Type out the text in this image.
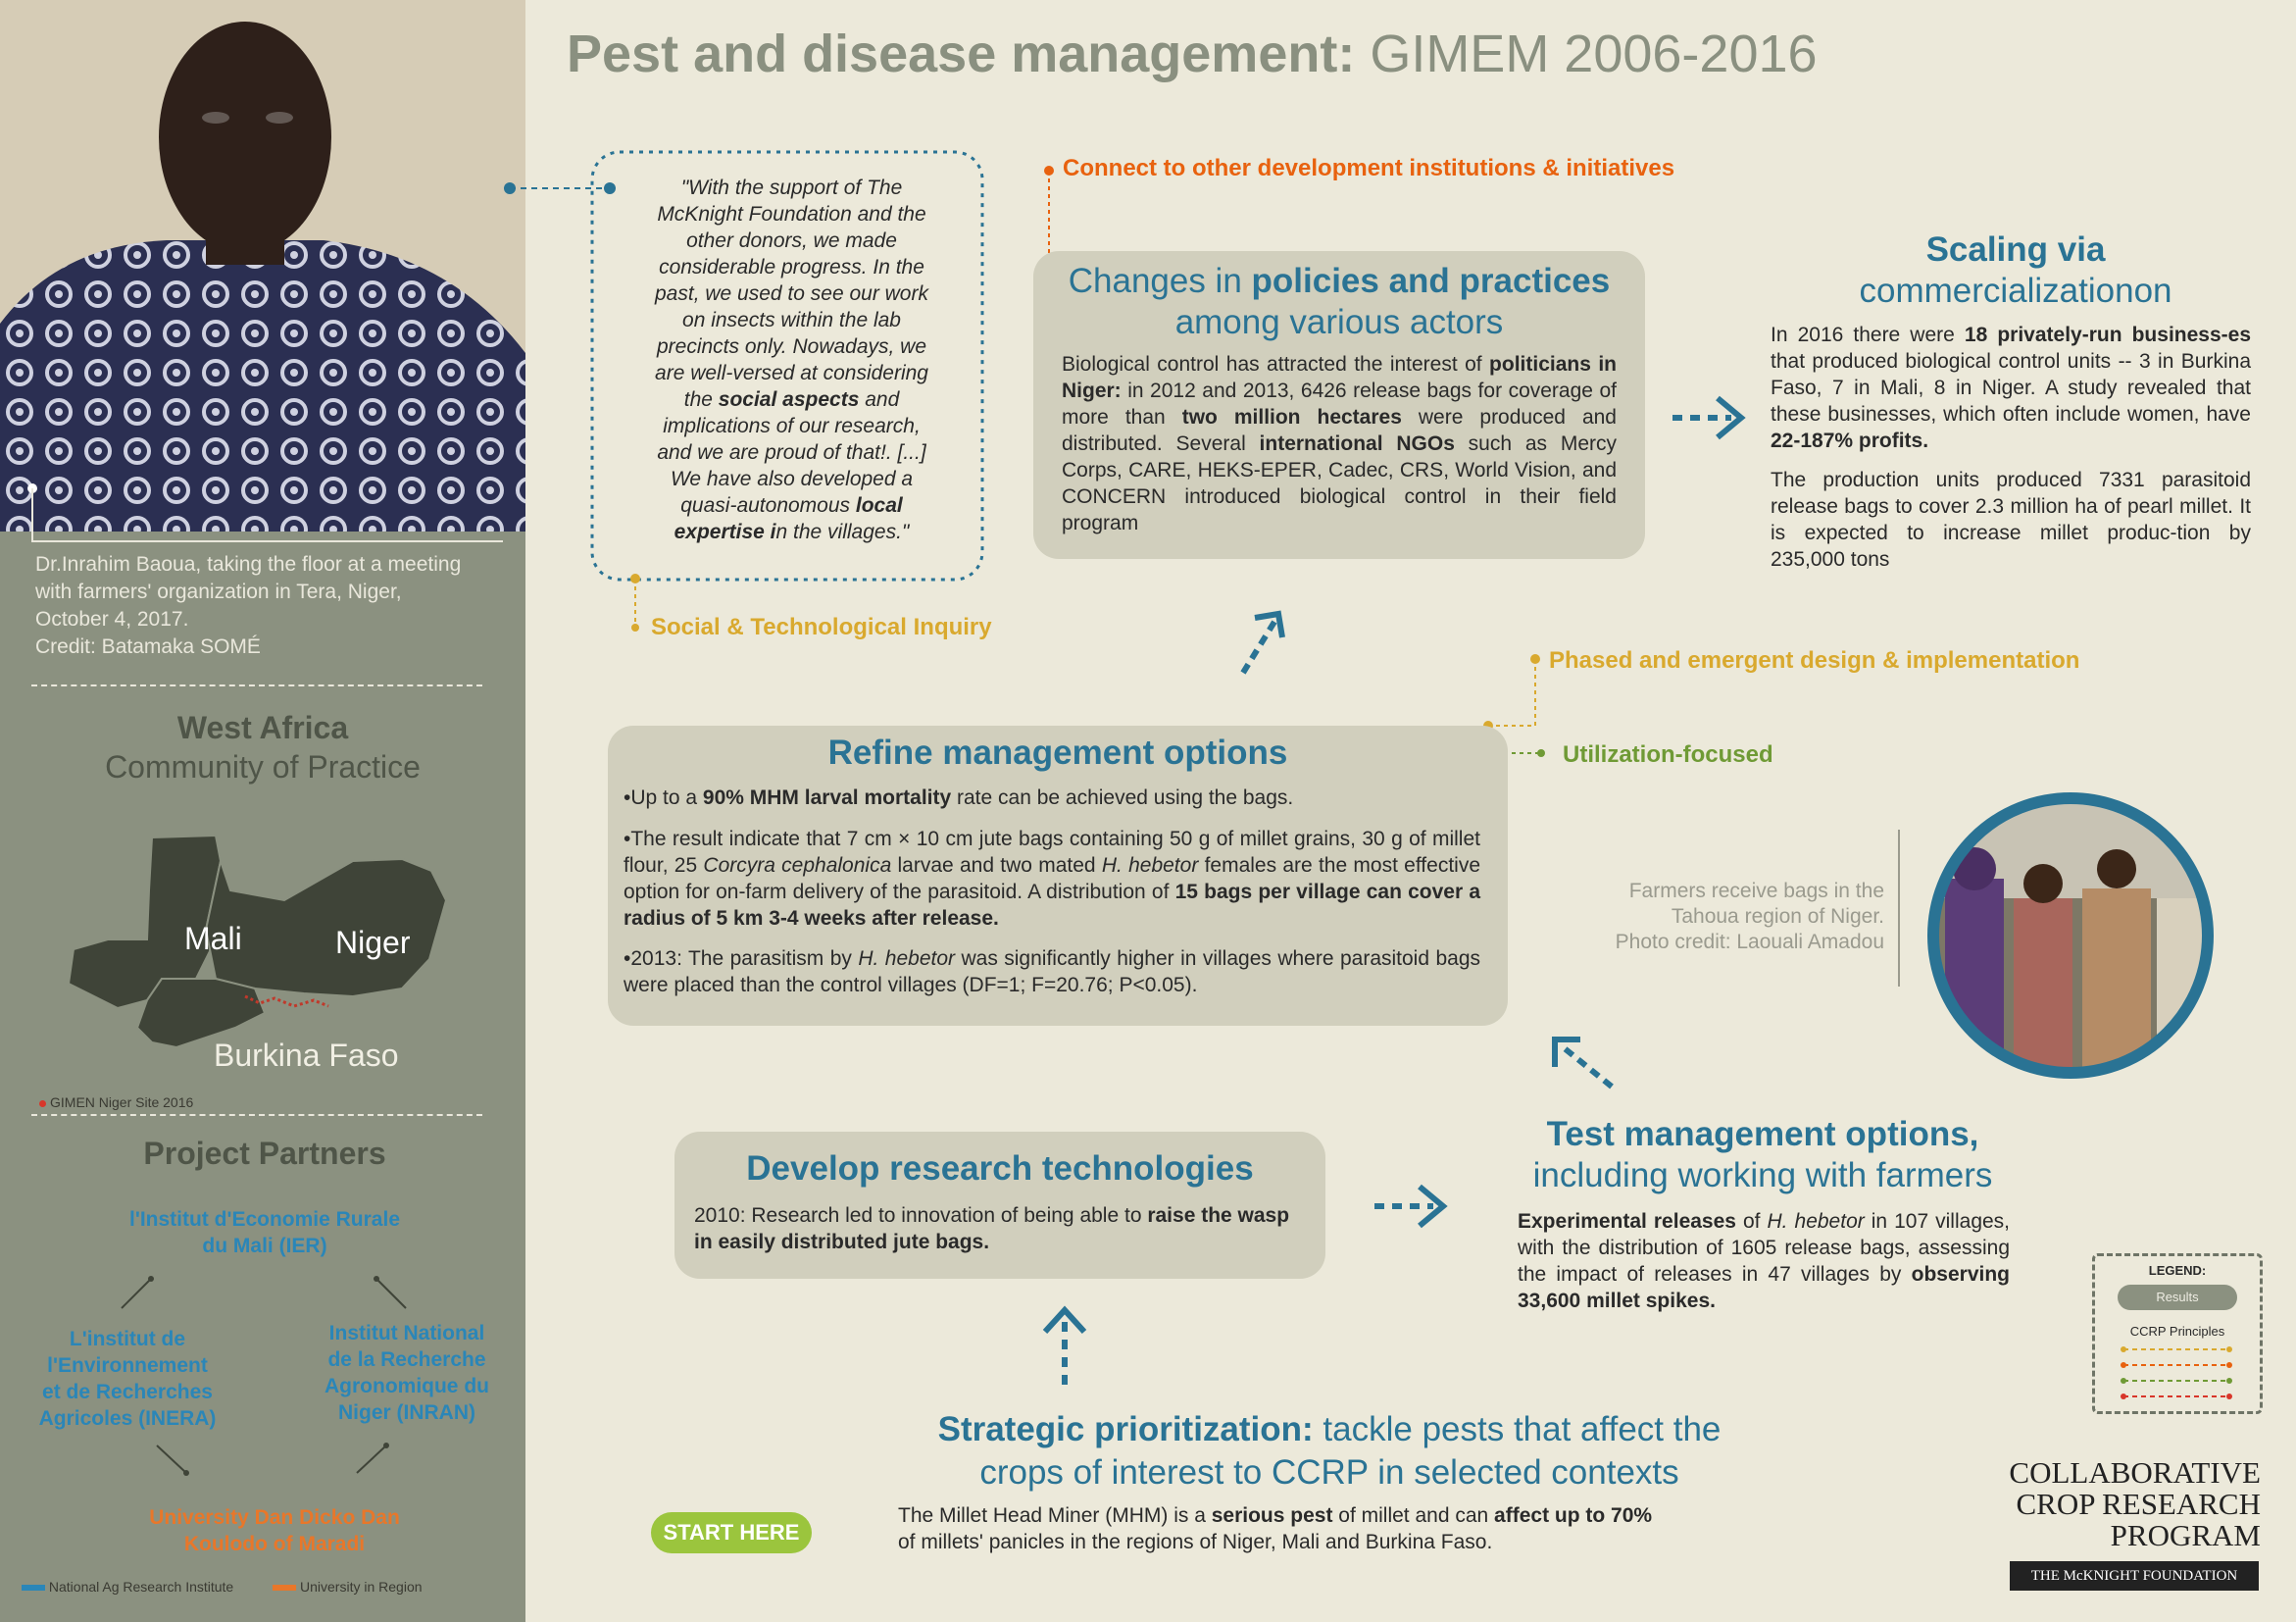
Dr.Inrahim Baoua, taking the floor at a meeting
with farmers' organization in Tera, Niger,
October 4, 2017.
Credit: Batamaka SOMÉ
West Africa
Community of Practice
Mali	Niger
Burkina Faso
GIMEN Niger Site 2016
Project Partners
l'Institut d'Economie Rurale
du Mali (IER)
L'institut de
l'Environnement
et de Recherches
Agricoles (INERA)
Institut National
de la Recherche
Agronomique du
Niger (INRAN)
University Dan Dicko Dan
Koulodo of Maradi
National Ag Research Institute	University in Region
Pest and disease management: GIMEM 2006-2016
"With the support of The
McKnight Foundation and the
other donors, we made
considerable progress. In the
past, we used to see our work
on insects within the lab
precincts only. Nowadays, we
are well-versed at considering
the social aspects and
implications of our research,
and we are proud of that!. [...]
We have also developed a
quasi-autonomous local
expertise in the villages."
Social & Technological Inquiry
Connect to other development institutions & initiatives
Changes in policies and practices
among various actors
Biological control has attracted the interest of politicians in Niger: in 2012 and 2013, 6426 release bags for coverage of more than two million hectares were produced and distributed. Several international NGOs such as Mercy Corps, CARE, HEKS-EPER, Cadec, CRS, World Vision, and CONCERN introduced biological control in their field program
Scaling via
commercializationon
In 2016 there were 18 privately-run business-es that produced biological control units -- 3 in Burkina Faso, 7 in Mali, 8 in Niger. A study revealed that these businesses, which often include women, have 22-187% profits.
The production units produced 7331 parasitoid release bags to cover 2.3 million ha of pearl millet. It is expected to increase millet produc-tion by 235,000 tons
Phased and emergent design & implementation
Utilization-focused
Refine management options
•Up to a 90% MHM larval mortality rate can be achieved using the bags.
•The result indicate that 7 cm × 10 cm jute bags containing 50 g of millet grains, 30 g of millet flour, 25 Corcyra cephalonica larvae and two mated H. hebetor females are the most effective option for on-farm delivery of the parasitoid. A distribution of 15 bags per village can cover a radius of 5 km 3-4 weeks after release.
•2013: The parasitism by H. hebetor was significantly higher in villages where parasitoid bags were placed than the control villages (DF=1; F=20.76; P<0.05).
Farmers receive bags in the
Tahoua region of Niger.
Photo credit: Laouali Amadou
Develop research technologies
2010: Research led to innovation of being able to raise the wasp in easily distributed jute bags.
Test management options,
including working with farmers
Experimental releases of H. hebetor in 107 villages, with the distribution of 1605 release bags, assessing the impact of releases in 47 villages by observing 33,600 millet spikes.
Strategic prioritization: tackle pests that affect the
crops of interest to CCRP in selected contexts
The Millet Head Miner (MHM) is a serious pest of millet and can affect up to 70%
of millets' panicles in the regions of Niger, Mali and Burkina Faso.
START HERE
LEGEND:
Results
CCRP Principles
COLLABORATIVE
CROP RESEARCH
PROGRAM
THE McKNIGHT FOUNDATION
